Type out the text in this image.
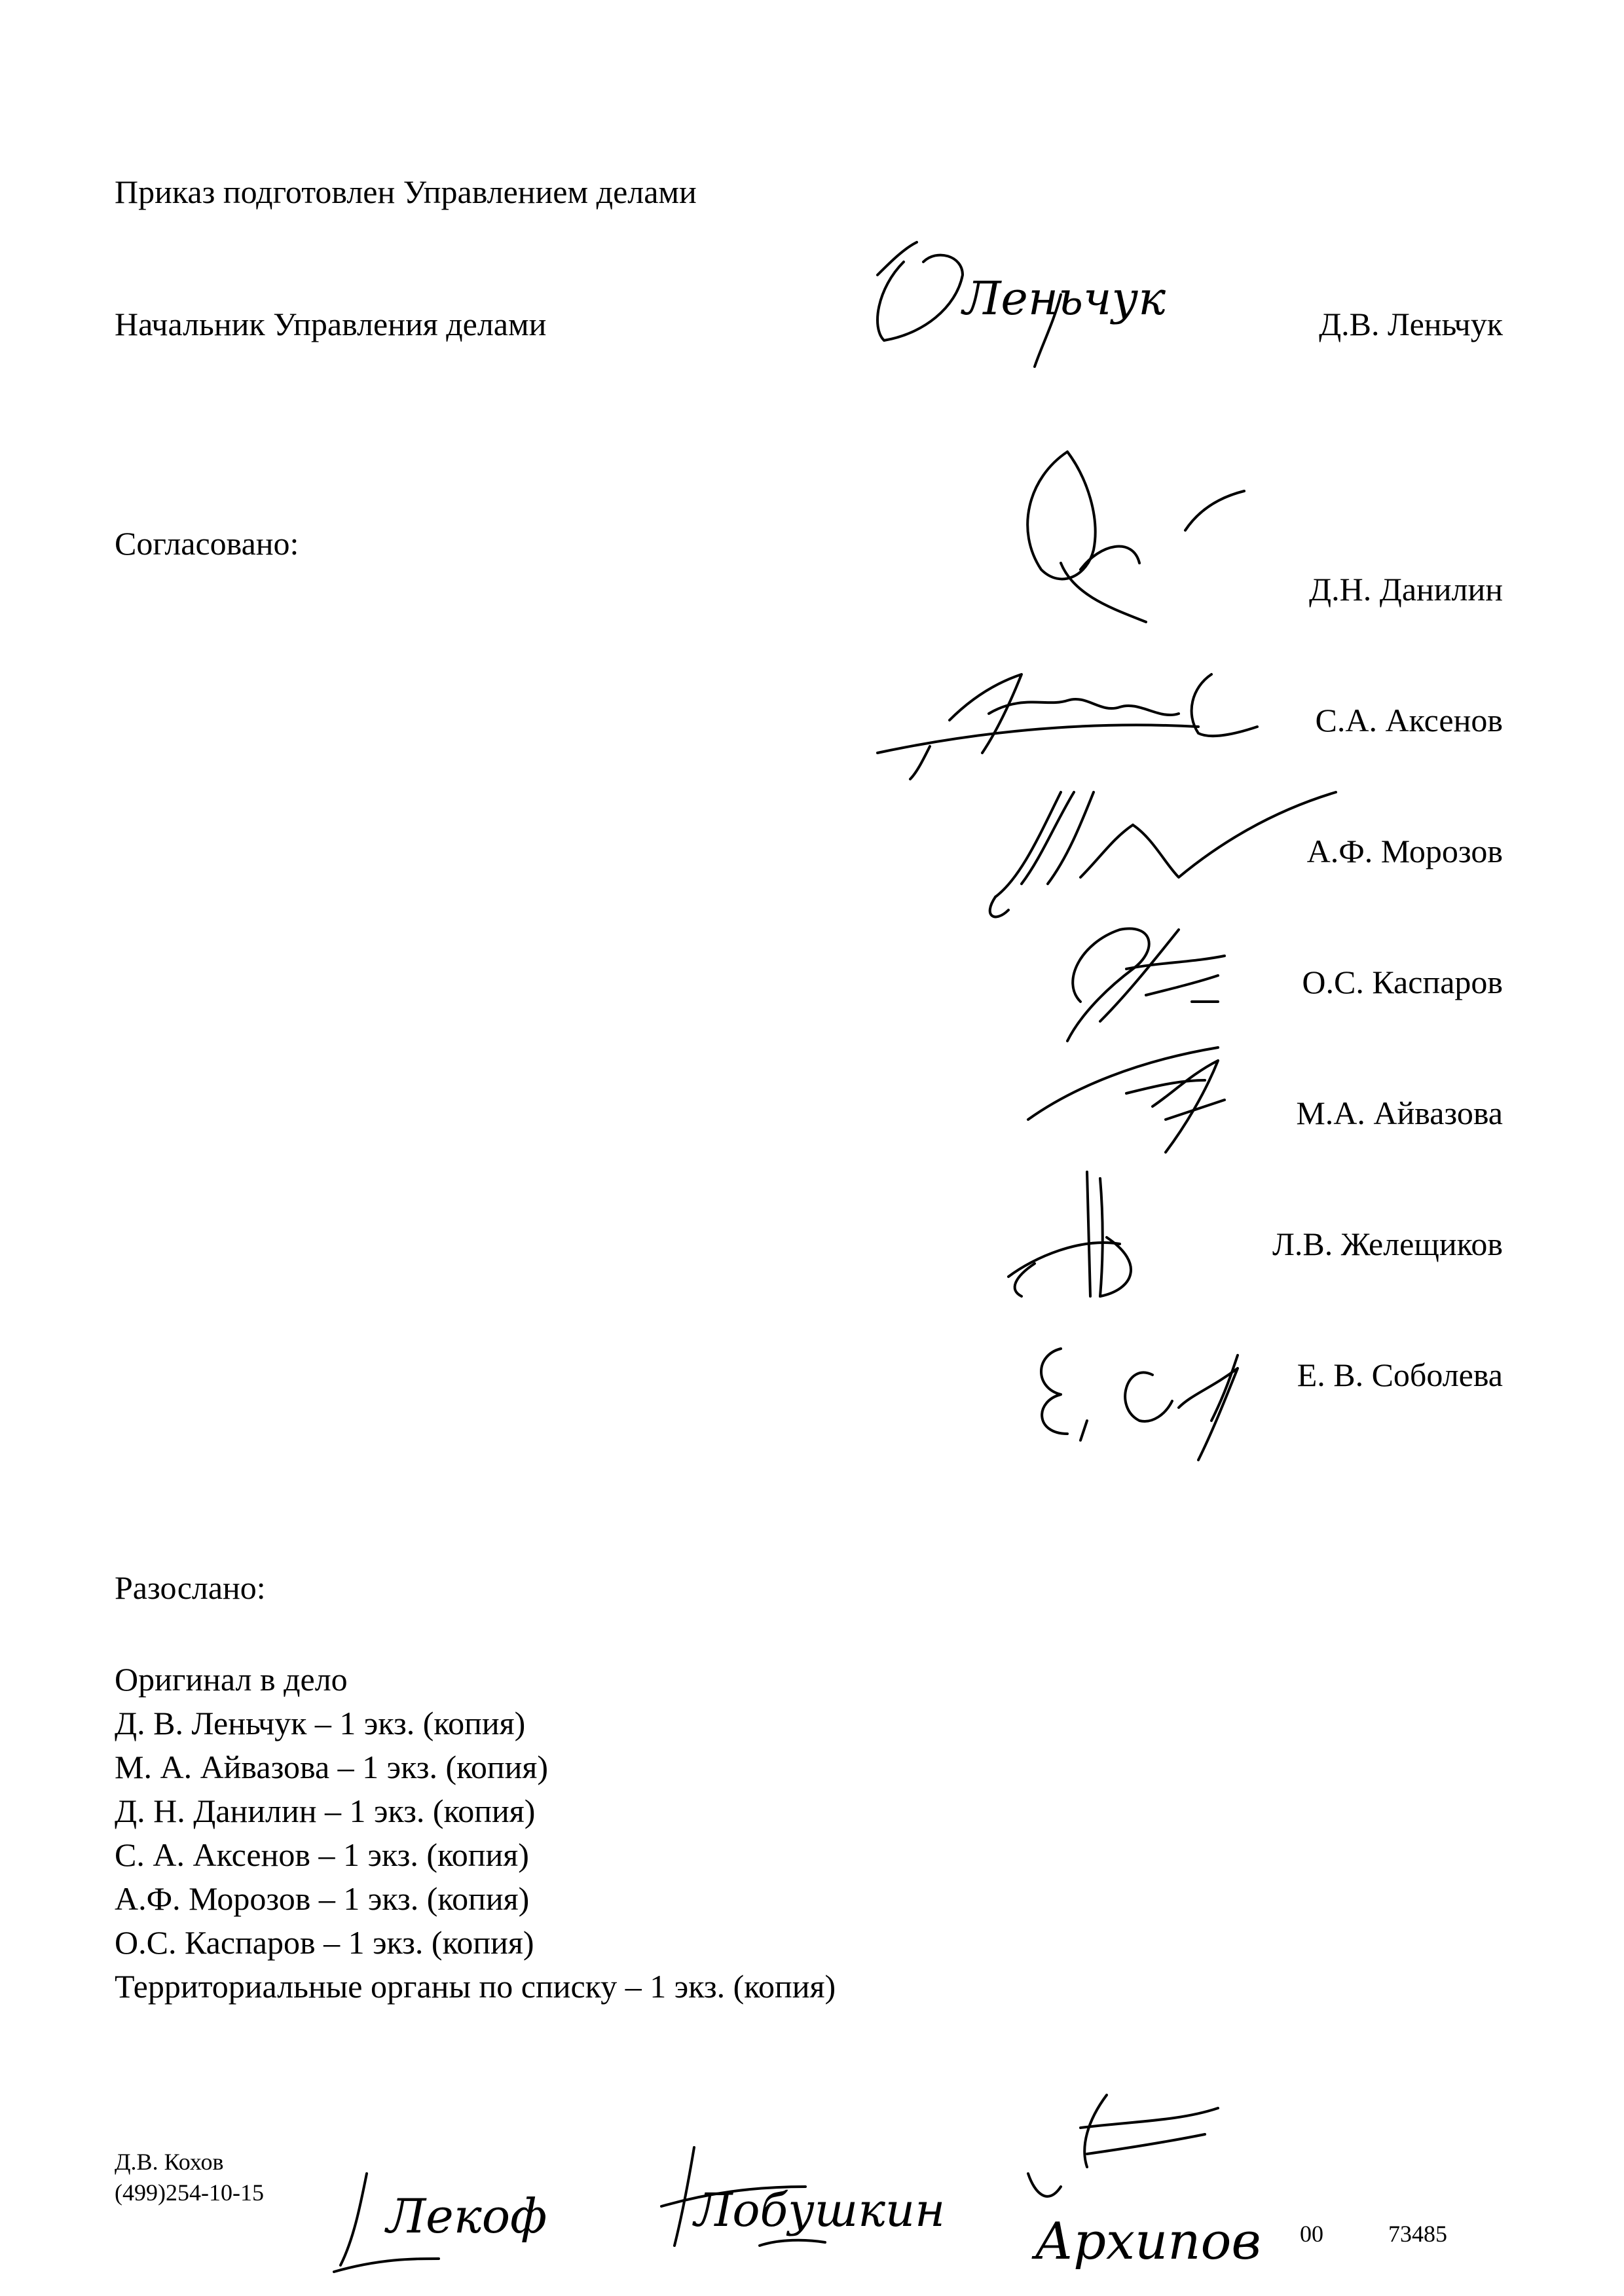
Приказ подготовлен Управлением делами
Начальник Управления делами	Д.В. Леньчук
Леньчук
Согласовано:
Д.Н. Данилин
С.А. Аксенов
А.Ф. Морозов
О.С. Каспаров
М.А. Айвазова
Л.В. Желещиков
Е. В. Соболева
Разослано:
Оригинал в дело
Д. В. Леньчук – 1 экз. (копия)
М. А. Айвазова – 1 экз. (копия)
Д. Н. Данилин – 1 экз. (копия)
С. А. Аксенов – 1 экз. (копия)
А.Ф. Морозов – 1 экз. (копия)
О.С. Каспаров – 1 экз. (копия)
Территориальные органы по списку – 1 экз. (копия)
Д.В. Кохов
(499)254-10-15	Лекоф	Лобушкин
Архипов 00	73485
